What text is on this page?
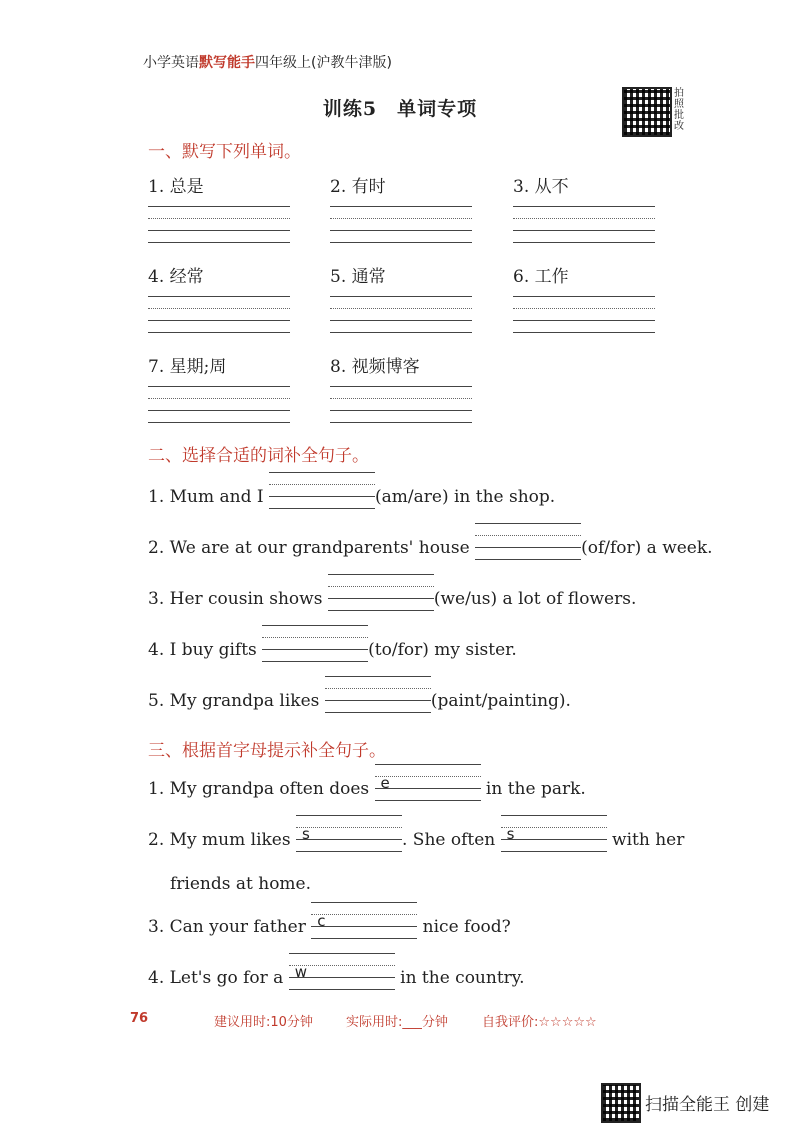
小学英语默写能手四年级上(沪教牛津版)
训练5　单词专项
拍照批改
一、默写下列单词。
1. 总是	2. 有时	3. 从不
4. 经常	5. 通常	6. 工作
7. 星期;周	8. 视频博客
二、选择合适的词补全句子。
1. Mum and I	(am/are) in the shop.
2. We are at our grandparents' house	(of/for) a week.
3. Her cousin shows	(we/us) a lot of flowers.
4. I buy gifts	(to/for) my sister.
5. My grandpa likes	(paint/painting).
三、根据首字母提示补全句子。
1. My grandpa often does e	in the park.
2. My mum likes s	. She often s	with her
friends at home.
3. Can your father c	nice food?
4. Let's go for a w	in the country.
76	建议用时:10分钟	实际用时:___分钟	自我评价:☆☆☆☆☆
扫描全能王 创建
